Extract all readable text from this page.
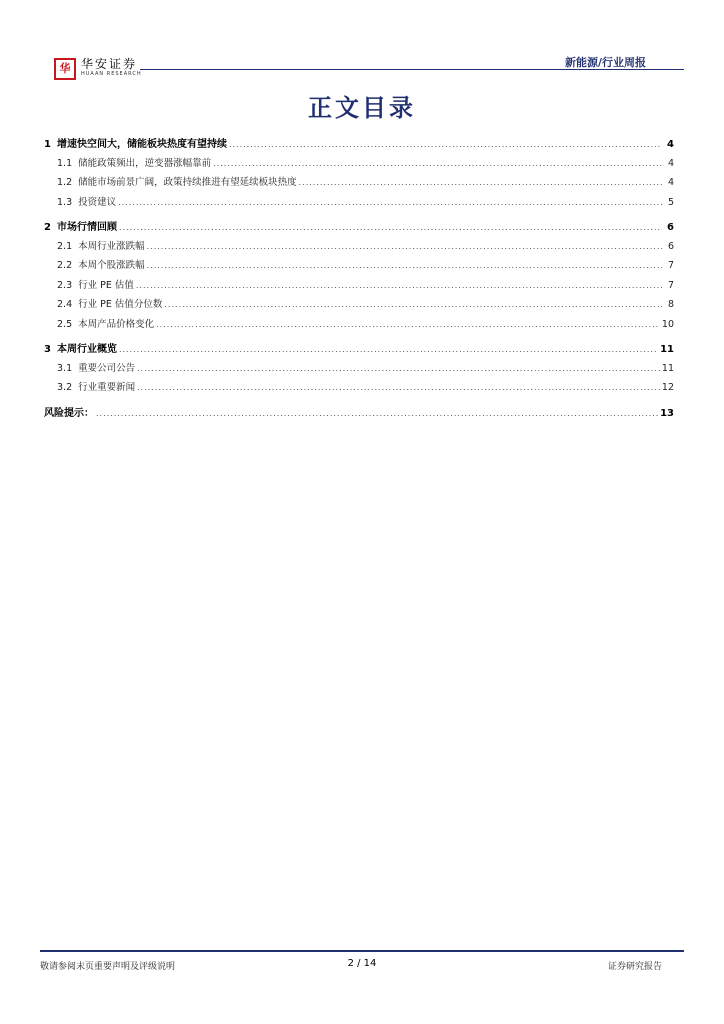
华 华安证券
HUAAN RESEARCH
新能源/行业周报
正文目录
1 增速快空间大，储能板块热度有望持续 .....	4
1.1 储能政策频出，逆变器涨幅靠前 .....	4
1.2 储能市场前景广阔，政策持续推进有望延续板块热度 .....	4
1.3 投资建议 .....	5
2 市场行情回顾 .....	6
2.1 本周行业涨跌幅 .....	6
2.2 本周个股涨跌幅 .....	7
2.3 行业 PE 估值 .....	7
2.4 行业 PE 估值分位数 .....	8
2.5 本周产品价格变化 .....	10
3 本周行业概览 .....	11
3.1 重要公司公告 .....	11
3.2 行业重要新闻 .....	12
风险提示： .....	13
敬请参阅末页重要声明及评级说明	2 / 14	证券研究报告
